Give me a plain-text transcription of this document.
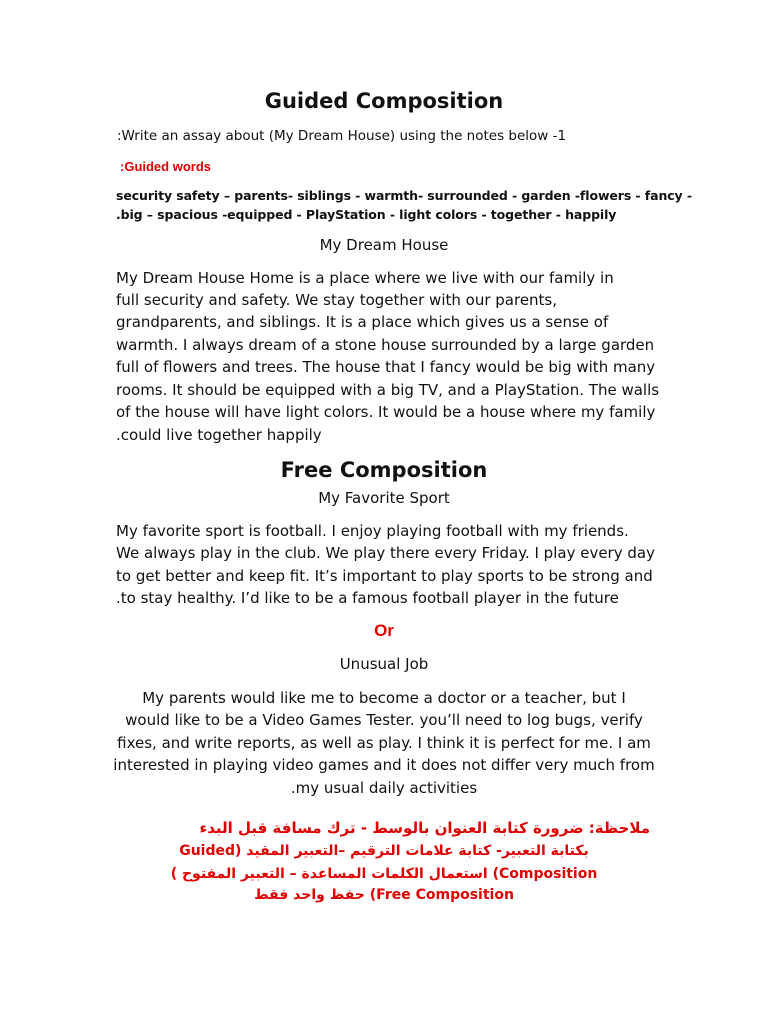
Guided Composition
:Write an assay about (My Dream House) using the notes below -1
:Guided words
security safety – parents- siblings - warmth- surrounded - garden -flowers - fancy -
.big – spacious -equipped - PlayStation - light colors - together - happily
My Dream House
My Dream House Home is a place where we live with our family in
full security and safety. We stay together with our parents,
grandparents, and siblings. It is a place which gives us a sense of
warmth. I always dream of a stone house surrounded by a large garden
full of flowers and trees. The house that I fancy would be big with many
rooms. It should be equipped with a big TV, and a PlayStation. The walls
of the house will have light colors. It would be a house where my family
.could live together happily
Free Composition
My Favorite Sport
My favorite sport is football. I enjoy playing football with my friends.
We always play in the club. We play there every Friday. I play every day
to get better and keep fit. It’s important to play sports to be strong and
.to stay healthy. I’d like to be a famous football player in the future
Or
Unusual Job
My parents would like me to become a doctor or a teacher, but I
would like to be a Video Games Tester. you’ll need to log bugs, verify
fixes, and write reports, as well as play. I think it is perfect for me. I am
interested in playing video games and it does not differ very much from
.my usual daily activities
ملاحظة: ضرورة كتابة العنوان بالوسط - ترك مسافة قبل البدء
بكتابة التعبير- كتابة علامات الترقيم –التعبير المقيد (Guided
Composition) استعمال الكلمات المساعدة – التعبير المفتوح )
Free Composition) حفظ واحد فقط
